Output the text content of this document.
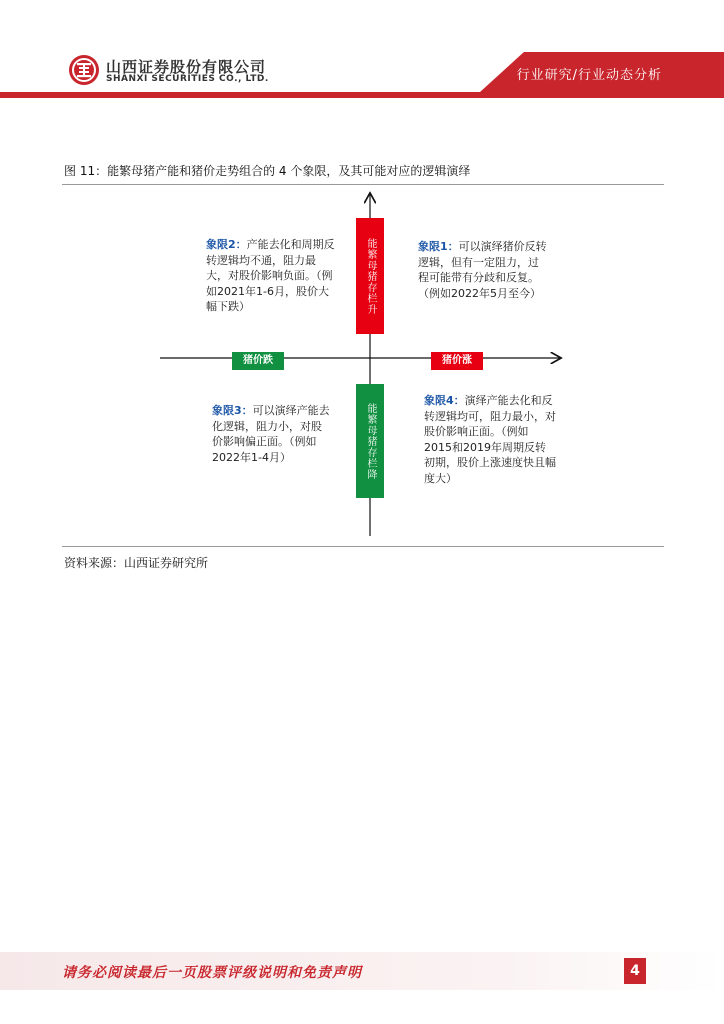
行业研究/行业动态分析
山西证券股份有限公司
SHANXI SECURITIES CO., LTD.
图 11：能繁母猪产能和猪价走势组合的 4 个象限，及其可能对应的逻辑演绎
能繁母猪存栏升
能繁母猪存栏降
猪价跌	猪价涨
象限2：产能去化和周期反转逻辑均不通，阻力最大，对股价影响负面。（例如2021年1-6月，股价大幅下跌）
象限1：可以演绎猪价反转逻辑，但有一定阻力，过程可能带有分歧和反复。（例如2022年5月至今）
象限3：可以演绎产能去化逻辑，阻力小，对股价影响偏正面。（例如2022年1-4月）
象限4：演绎产能去化和反转逻辑均可，阻力最小，对股价影响正面。（例如2015和2019年周期反转初期，股价上涨速度快且幅度大）
资料来源：山西证券研究所
请务必阅读最后一页股票评级说明和免责声明	4
